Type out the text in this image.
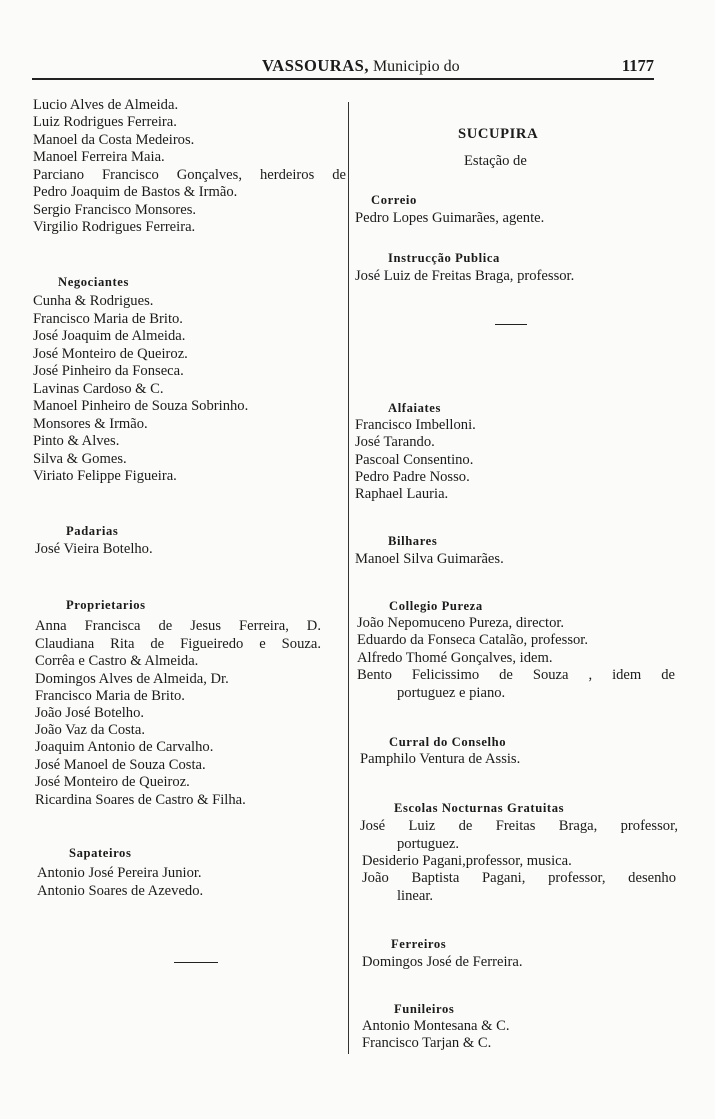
VASSOURAS, Municipio do	1177
Lucio Alves de Almeida.
Luiz Rodrigues Ferreira.
Manoel da Costa Medeiros.
Manoel Ferreira Maia.
Parciano Francisco Gonçalves, herdeiros de
Pedro Joaquim de Bastos & Irmão.
Sergio Francisco Monsores.
Virgilio Rodrigues Ferreira.
Negociantes
Cunha & Rodrigues.
Francisco Maria de Brito.
José Joaquim de Almeida.
José Monteiro de Queiroz.
José Pinheiro da Fonseca.
Lavinas Cardoso & C.
Manoel Pinheiro de Souza Sobrinho.
Monsores & Irmão.
Pinto & Alves.
Silva & Gomes.
Viriato Felippe Figueira.
Padarias
José Vieira Botelho.
Proprietarios
Anna Francisca de Jesus Ferreira, D.
Claudiana Rita de Figueiredo e Souza.
Corrêa e Castro & Almeida.
Domingos Alves de Almeida, Dr.
Francisco Maria de Brito.
João José Botelho.
João Vaz da Costa.
Joaquim Antonio de Carvalho.
José Manoel de Souza Costa.
José Monteiro de Queiroz.
Ricardina Soares de Castro & Filha.
Sapateiros
Antonio José Pereira Junior.
Antonio Soares de Azevedo.
SUCUPIRA
Estação de
Correio
Pedro Lopes Guimarães, agente.
Instrucção Publica
José Luiz de Freitas Braga, professor.
Alfaiates
Francisco Imbelloni.
José Tarando.
Pascoal Consentino.
Pedro Padre Nosso.
Raphael Lauria.
Bilhares
Manoel Silva Guimarães.
Collegio Pureza
João Nepomuceno Pureza, director.
Eduardo da Fonseca Catalão, professor.
Alfredo Thomé Gonçalves, idem.
Bento Felicissimo de Souza , idem de
portuguez e piano.
Curral do Conselho
Pamphilo Ventura de Assis.
Escolas Nocturnas Gratuitas
José Luiz de Freitas Braga, professor,
portuguez.
Desiderio Pagani,professor, musica.
João Baptista Pagani, professor, desenho
linear.
Ferreiros
Domingos José de Ferreira.
Funileiros
Antonio Montesana & C.
Francisco Tarjan & C.
